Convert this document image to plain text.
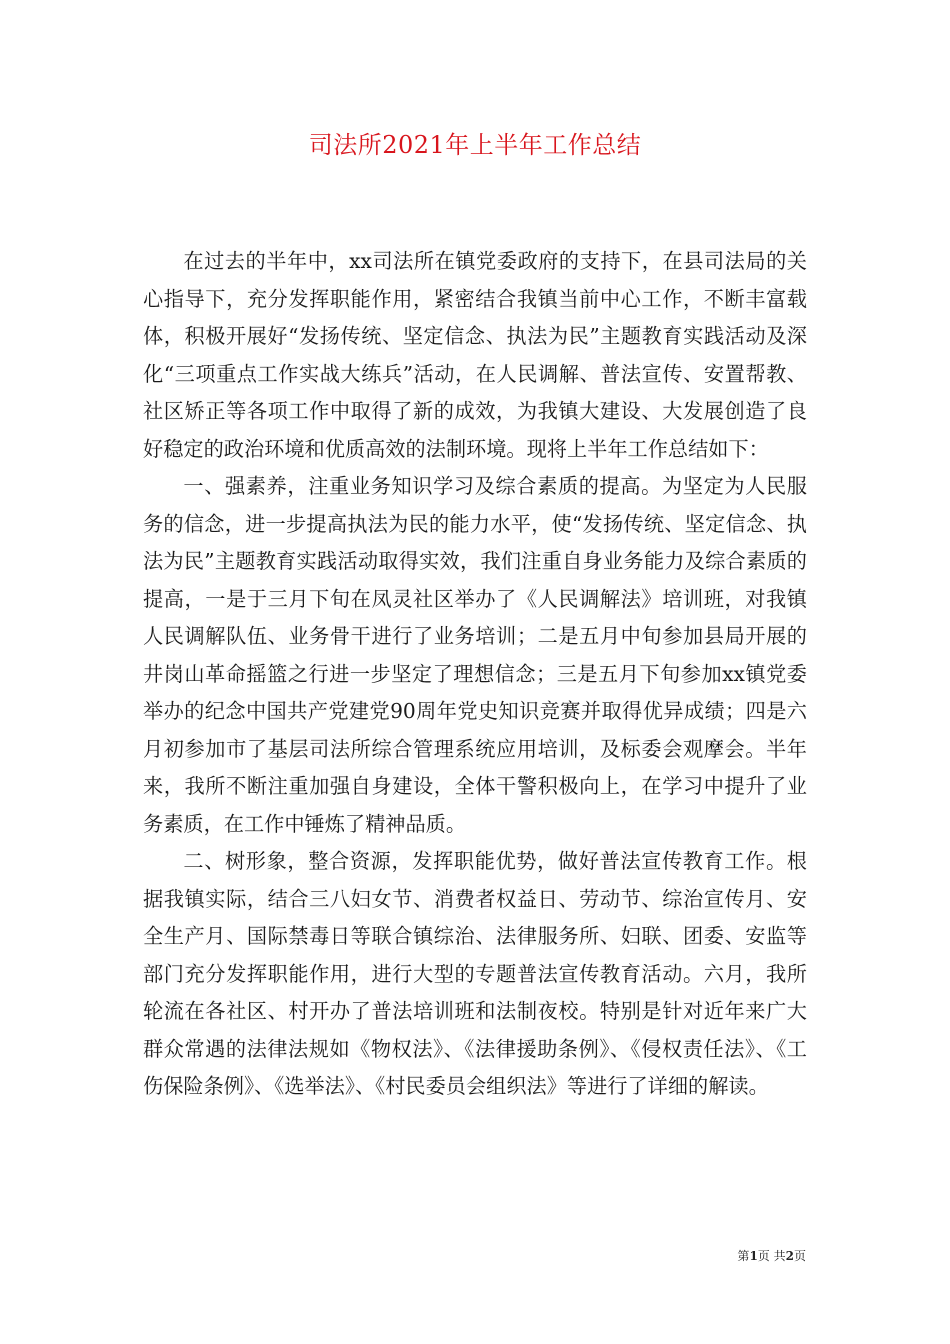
司法所2021年上半年工作总结

在过去的半年中，xx司法所在镇党委政府的支持下，在县司法局的关心指导下，充分发挥职能作用，紧密结合我镇当前中心工作，不断丰富载体，积极开展好“发扬传统、坚定信念、执法为民”主题教育实践活动及深化“三项重点工作实战大练兵”活动，在人民调解、普法宣传、安置帮教、社区矫正等各项工作中取得了新的成效，为我镇大建设、大发展创造了良好稳定的政治环境和优质高效的法制环境。现将上半年工作总结如下：

一、强素养，注重业务知识学习及综合素质的提高。为坚定为人民服务的信念，进一步提高执法为民的能力水平，使“发扬传统、坚定信念、执法为民”主题教育实践活动取得实效，我们注重自身业务能力及综合素质的提高，一是于三月下旬在凤灵社区举办了《人民调解法》培训班，对我镇人民调解队伍、业务骨干进行了业务培训；二是五月中旬参加县局开展的井岗山革命摇篮之行进一步坚定了理想信念；三是五月下旬参加xx镇党委举办的纪念中国共产党建党90周年党史知识竞赛并取得优异成绩；四是六月初参加市了基层司法所综合管理系统应用培训，及标委会观摩会。半年来，我所不断注重加强自身建设，全体干警积极向上，在学习中提升了业务素质，在工作中锤炼了精神品质。

二、树形象，整合资源，发挥职能优势，做好普法宣传教育工作。根据我镇实际，结合三八妇女节、消费者权益日、劳动节、综治宣传月、安全生产月、国际禁毒日等联合镇综治、法律服务所、妇联、团委、安监等部门充分发挥职能作用，进行大型的专题普法宣传教育活动。六月，我所轮流在各社区、村开办了普法培训班和法制夜校。特别是针对近年来广大群众常遇的法律法规如《物权法》、《法律援助条例》、《侵权责任法》、《工伤保险条例》、《选举法》、《村民委员会组织法》等进行了详细的解读。

第1页 共2页
